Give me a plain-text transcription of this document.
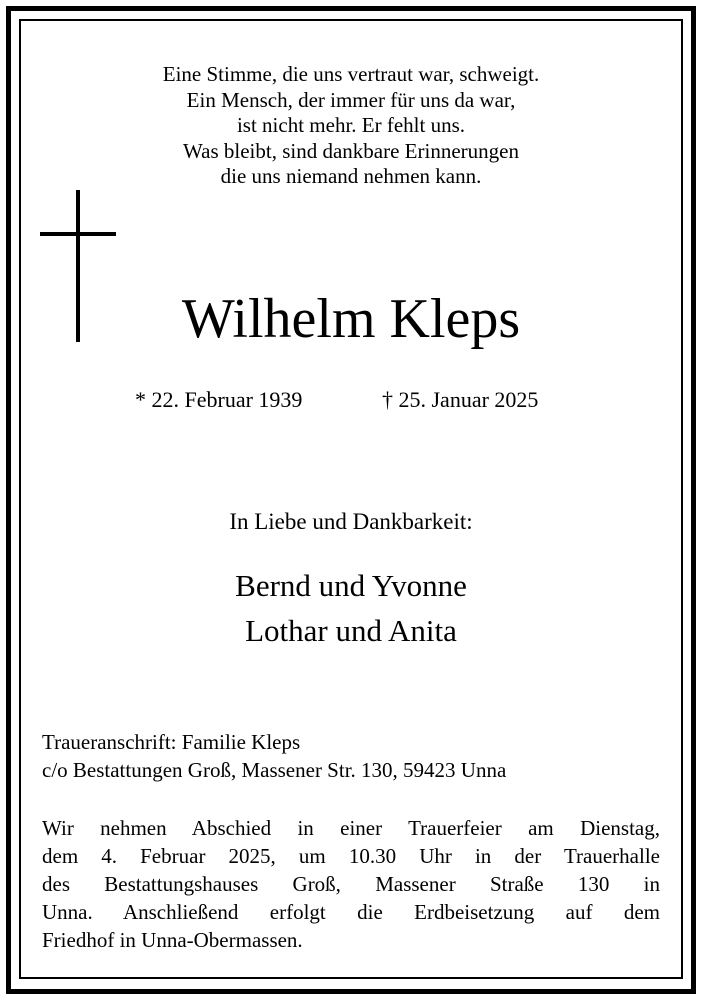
Eine Stimme, die uns vertraut war, schweigt.
Ein Mensch, der immer für uns da war,
ist nicht mehr. Er fehlt uns.
Was bleibt, sind dankbare Erinnerungen
die uns niemand nehmen kann.
Wilhelm Kleps
* 22. Februar 1939	† 25. Januar 2025
In Liebe und Dankbarkeit:
Bernd und Yvonne
Lothar und Anita
Traueranschrift: Familie Kleps
c/o Bestattungen Groß, Massener Str. 130, 59423 Unna
Wir nehmen Abschied in einer Trauerfeier am Dienstag,
dem 4. Februar 2025, um 10.30 Uhr in der Trauerhalle
des Bestattungshauses Groß, Massener Straße 130 in
Unna. Anschließend erfolgt die Erdbeisetzung auf dem
Friedhof in Unna-Obermassen.
